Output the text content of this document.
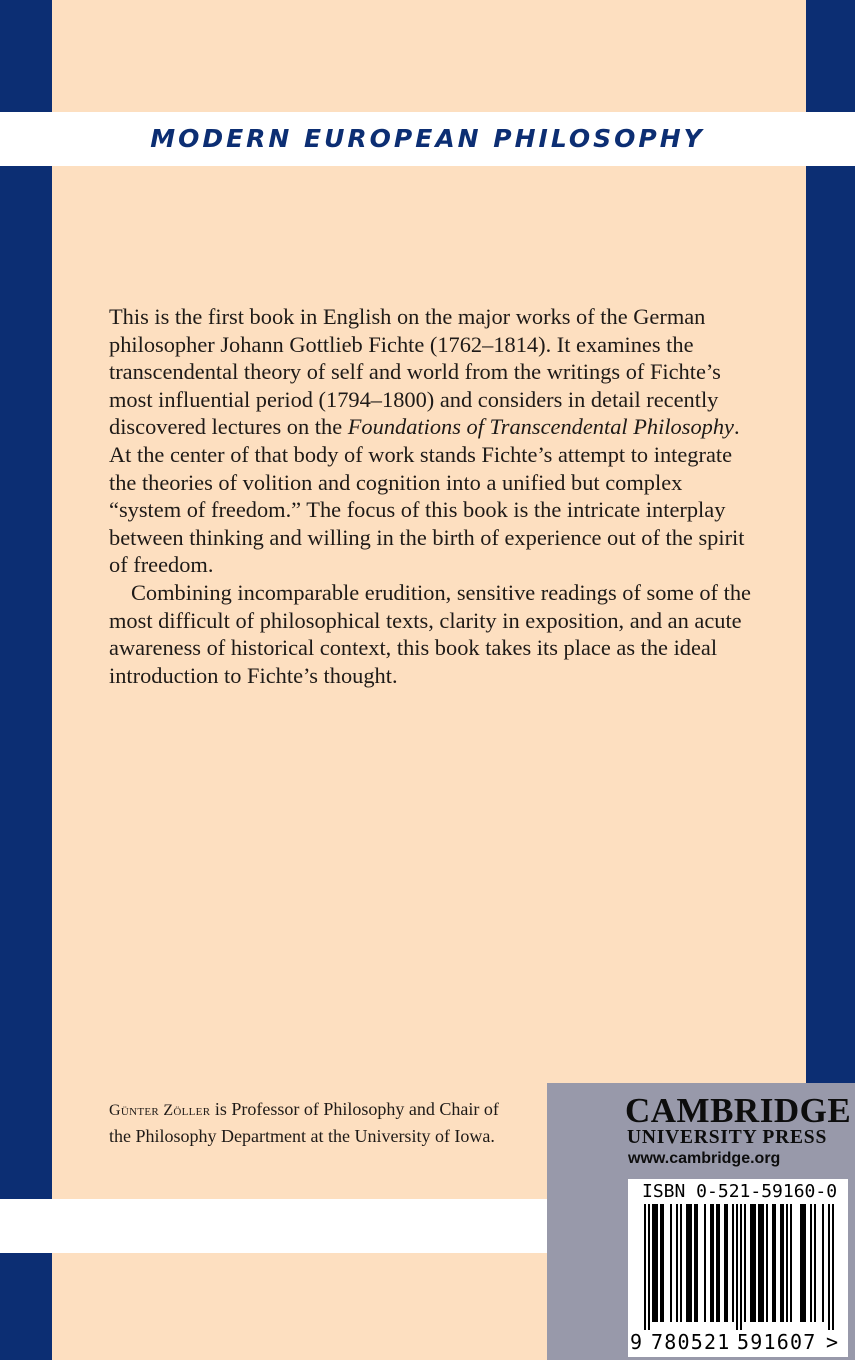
MODERN EUROPEAN PHILOSOPHY

This is the first book in English on the major works of the German philosopher Johann Gottlieb Fichte (1762–1814). It examines the transcendental theory of self and world from the writings of Fichte’s most influential period (1794–1800) and considers in detail recently discovered lectures on the Foundations of Transcendental Philosophy. At the center of that body of work stands Fichte’s attempt to integrate the theories of volition and cognition into a unified but complex “system of freedom.” The focus of this book is the intricate interplay between thinking and willing in the birth of experience out of the spirit of freedom.

Combining incomparable erudition, sensitive readings of some of the most difficult of philosophical texts, clarity in exposition, and an acute awareness of historical context, this book takes its place as the ideal introduction to Fichte’s thought.

Günter Zöller is Professor of Philosophy and Chair of the Philosophy Department at the University of Iowa.
CAMBRIDGE
UNIVERSITY PRESS
www.cambridge.org
ISBN 0-521-59160-0
9 780521 591607 >
